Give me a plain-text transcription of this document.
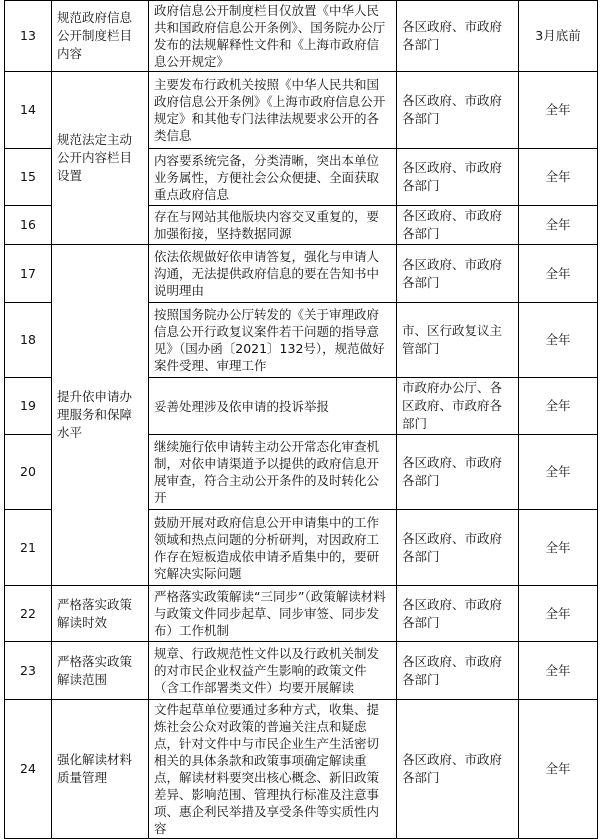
13	规范政府信息公开制度栏目内容	政府信息公开制度栏目仅放置《中华人民共和国政府信息公开条例》、国务院办公厅发布的法规解释性文件和《上海市政府信息公开规定》	各区政府、市政府各部门	3月底前
14	规范法定主动公开内容栏目设置	主要发布行政机关按照《中华人民共和国政府信息公开条例》《上海市政府信息公开规定》和其他专门法律法规要求公开的各类信息	各区政府、市政府各部门	全年
15		内容要系统完备，分类清晰，突出本单位业务属性，方便社会公众便捷、全面获取重点政府信息	各区政府、市政府各部门	全年
16		存在与网站其他版块内容交叉重复的，要加强衔接，坚持数据同源	各区政府、市政府各部门	全年
17	提升依申请办理服务和保障水平	依法依规做好依申请答复，强化与申请人沟通，无法提供政府信息的要在告知书中说明理由	各区政府、市政府各部门	全年
18		按照国务院办公厅转发的《关于审理政府信息公开行政复议案件若干问题的指导意见》（国办函〔2021〕132号），规范做好案件受理、审理工作	市、区行政复议主管部门	全年
19		妥善处理涉及依申请的投诉举报	市政府办公厅、各区政府、市政府各部门	全年
20		继续施行依申请转主动公开常态化审查机制，对依申请渠道予以提供的政府信息开展审查，符合主动公开条件的及时转化公开	各区政府、市政府各部门	全年
21		鼓励开展对政府信息公开申请集中的工作领域和热点问题的分析研判，对因政府工作存在短板造成依申请矛盾集中的，要研究解决实际问题	各区政府、市政府各部门	全年
22	严格落实政策解读时效	严格落实政策解读“三同步”（政策解读材料与政策文件同步起草、同步审签、同步发布）工作机制	各区政府、市政府各部门	全年
23	严格落实政策解读范围	规章、行政规范性文件以及行政机关制发的对市民企业权益产生影响的政策文件（含工作部署类文件）均要开展解读	各区政府、市政府各部门	全年
24	强化解读材料质量管理	文件起草单位要通过多种方式，收集、提炼社会公众对政策的普遍关注点和疑虑点，针对文件中与市民企业生产生活密切相关的具体条款和政策事项确定解读重点，解读材料要突出核心概念、新旧政策差异、影响范围、管理执行标准及注意事项、惠企利民举措及享受条件等实质性内容	各区政府、市政府各部门	全年
